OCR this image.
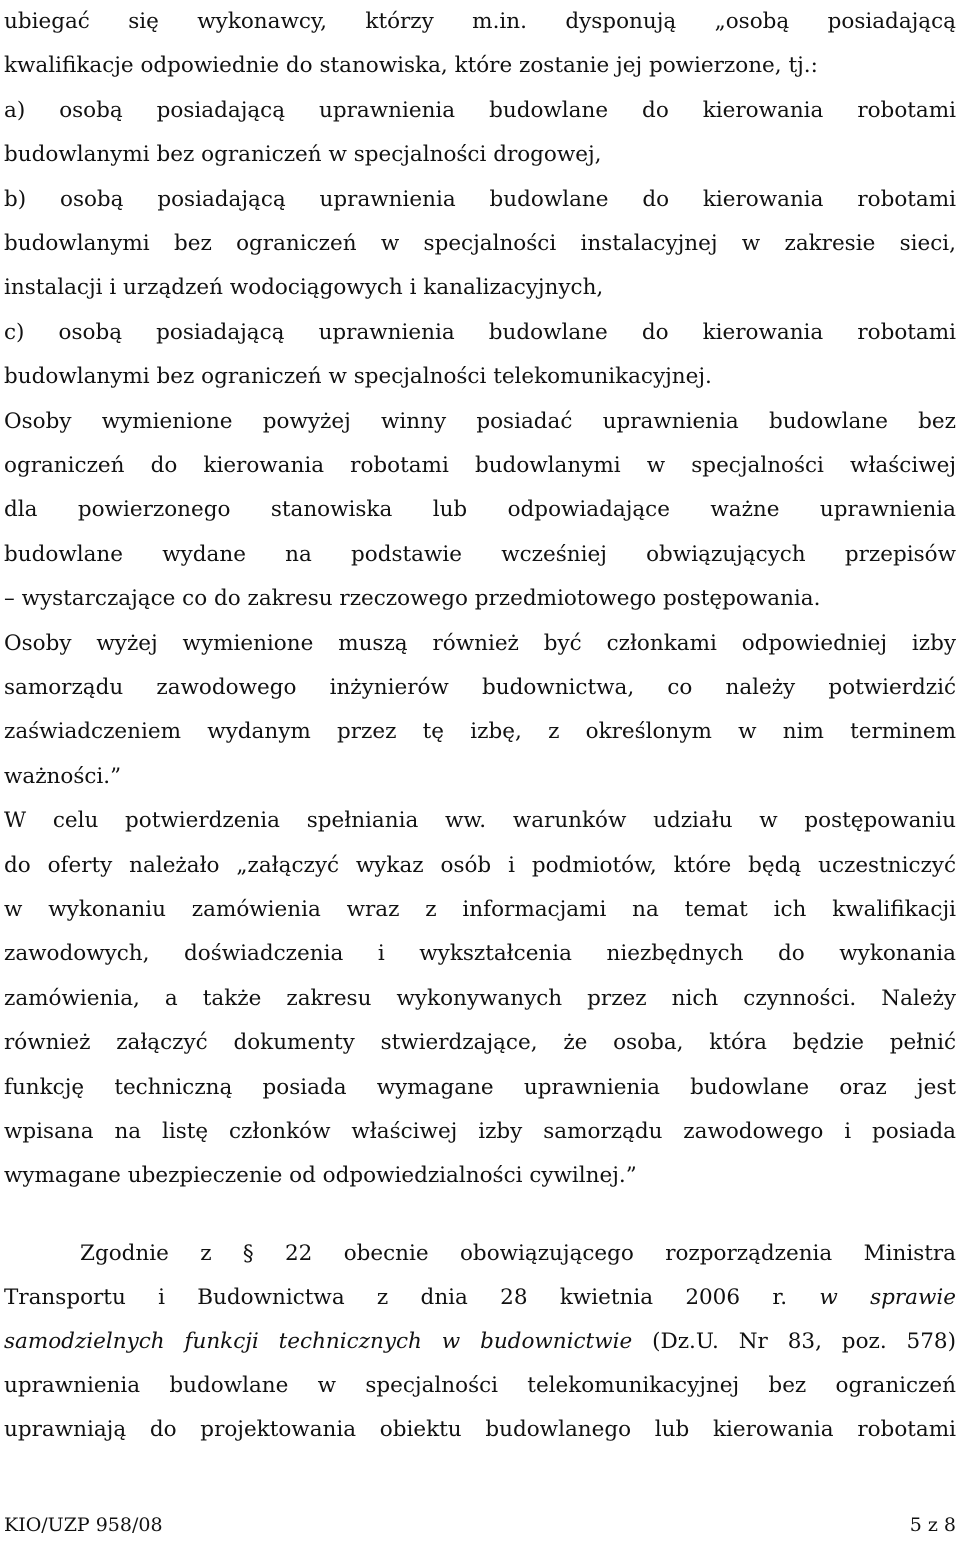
ubiegać się wykonawcy, którzy m.in. dysponują „osobą posiadającą
kwalifikacje odpowiednie do stanowiska, które zostanie jej powierzone, tj.:
a) osobą posiadającą uprawnienia budowlane do kierowania robotami
budowlanymi bez ograniczeń w specjalności drogowej,
b) osobą posiadającą uprawnienia budowlane do kierowania robotami
budowlanymi bez ograniczeń w specjalności instalacyjnej w zakresie sieci,
instalacji i urządzeń wodociągowych i kanalizacyjnych,
c) osobą posiadającą uprawnienia budowlane do kierowania robotami
budowlanymi bez ograniczeń w specjalności telekomunikacyjnej.
Osoby wymienione powyżej winny posiadać uprawnienia budowlane bez
ograniczeń do kierowania robotami budowlanymi w specjalności właściwej
dla powierzonego stanowiska lub odpowiadające ważne uprawnienia
budowlane wydane na podstawie wcześniej obwiązujących przepisów
– wystarczające co do zakresu rzeczowego przedmiotowego postępowania.
Osoby wyżej wymienione muszą również być członkami odpowiedniej izby
samorządu zawodowego inżynierów budownictwa, co należy potwierdzić
zaświadczeniem wydanym przez tę izbę, z określonym w nim terminem
ważności.”
W celu potwierdzenia spełniania ww. warunków udziału w postępowaniu
do oferty należało „załączyć wykaz osób i podmiotów, które będą uczestniczyć
w wykonaniu zamówienia wraz z informacjami na temat ich kwalifikacji
zawodowych, doświadczenia i wykształcenia niezbędnych do wykonania
zamówienia, a także zakresu wykonywanych przez nich czynności. Należy
również załączyć dokumenty stwierdzające, że osoba, która będzie pełnić
funkcję techniczną posiada wymagane uprawnienia budowlane oraz jest
wpisana na listę członków właściwej izby samorządu zawodowego i posiada
wymagane ubezpieczenie od odpowiedzialności cywilnej.”
Zgodnie z § 22 obecnie obowiązującego rozporządzenia Ministra
Transportu i Budownictwa z dnia 28 kwietnia 2006 r. w sprawie
samodzielnych funkcji technicznych w budownictwie (Dz.U. Nr 83, poz. 578)
uprawnienia budowlane w specjalności telekomunikacyjnej bez ograniczeń
uprawniają do projektowania obiektu budowlanego lub kierowania robotami
KIO/UZP 958/08	5 z 8
